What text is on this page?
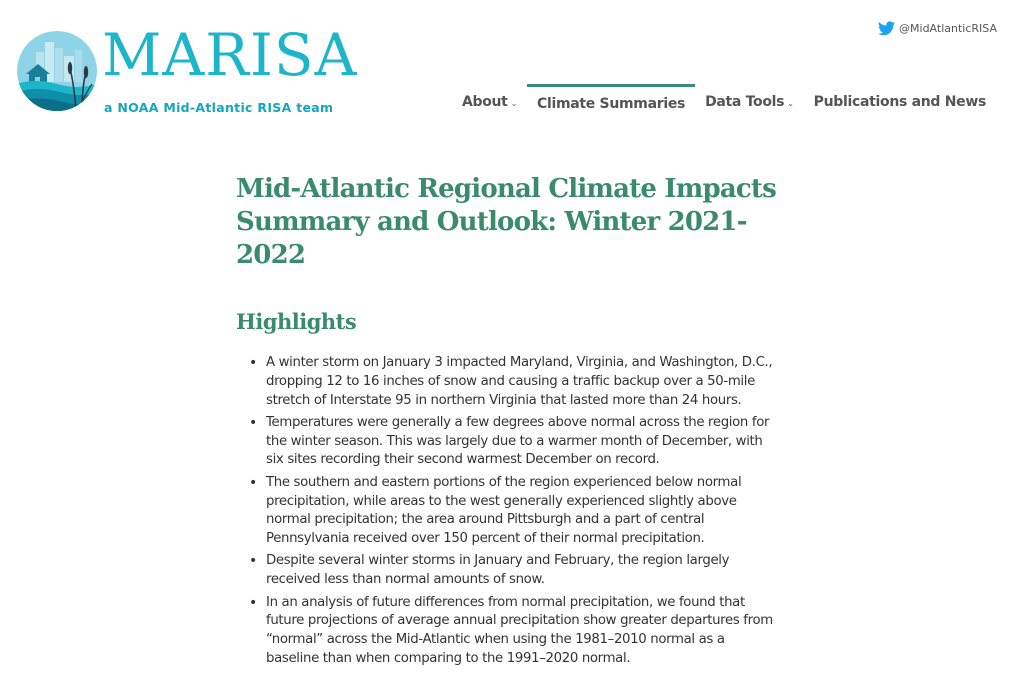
MARISA
a NOAA Mid-Atlantic RISA team
@MidAtlanticRISA
About ⌄ Climate Summaries Data Tools ⌄ Publications and News
Mid-Atlantic Regional Climate Impacts Summary and Outlook: Winter 2021-2022
Highlights
• A winter storm on January 3 impacted Maryland, Virginia, and Washington, D.C., dropping 12 to 16 inches of snow and causing a traffic backup over a 50-mile stretch of Interstate 95 in northern Virginia that lasted more than 24 hours.
• Temperatures were generally a few degrees above normal across the region for the winter season. This was largely due to a warmer month of December, with six sites recording their second warmest December on record.
• The southern and eastern portions of the region experienced below normal precipitation, while areas to the west generally experienced slightly above normal precipitation; the area around Pittsburgh and a part of central Pennsylvania received over 150 percent of their normal precipitation.
• Despite several winter storms in January and February, the region largely received less than normal amounts of snow.
• In an analysis of future differences from normal precipitation, we found that future projections of average annual precipitation show greater departures from “normal” across the Mid-Atlantic when using the 1981–2010 normal as a baseline than when comparing to the 1991–2020 normal.
